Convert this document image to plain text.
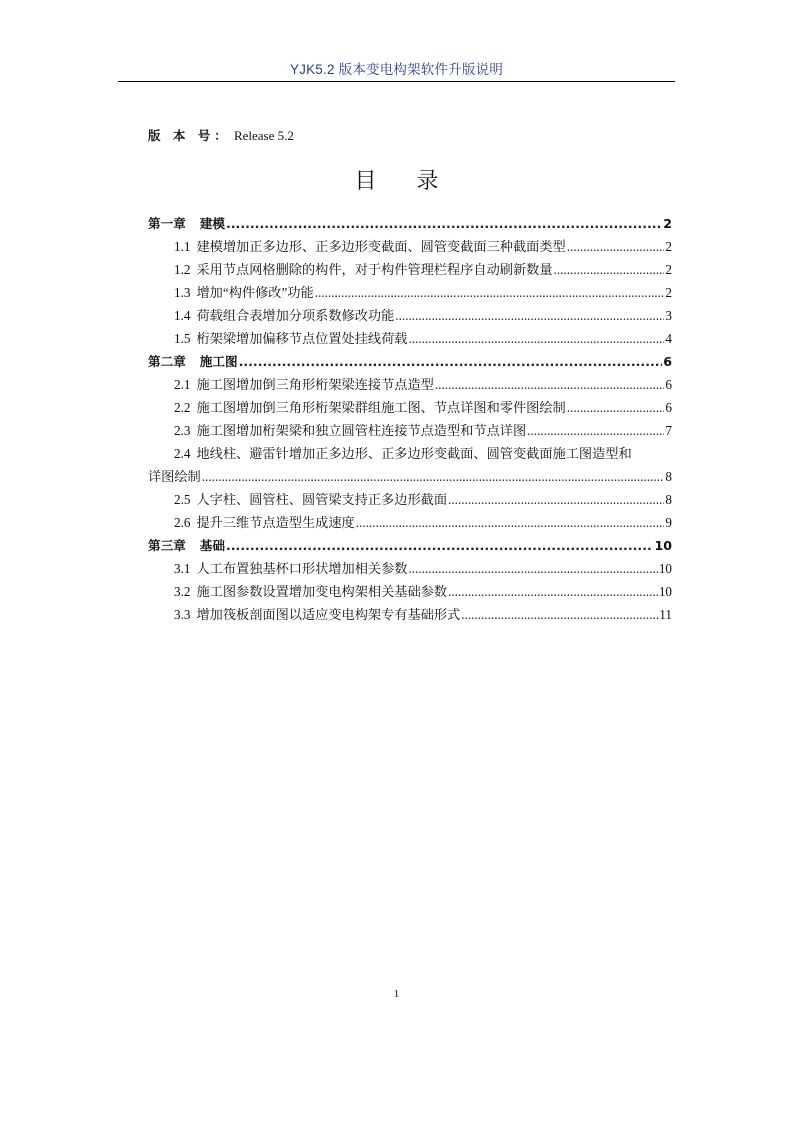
YJK5.2 版本变电构架软件升版说明
版 本 号： Release 5.2
目录
第一章 建模 .....	2
1.1 建模增加正多边形、正多边形变截面、圆管变截面三种截面类型 .....	2
1.2 采用节点网格删除的构件，对于构件管理栏程序自动刷新数量 .....	2
1.3 增加“构件修改”功能 .....	2
1.4 荷载组合表增加分项系数修改功能 .....	3
1.5 桁架梁增加偏移节点位置处挂线荷载 .....	4
第二章 施工图 .....	6
2.1 施工图增加倒三角形桁架梁连接节点造型 .....	6
2.2 施工图增加倒三角形桁架梁群组施工图、节点详图和零件图绘制 .....	6
2.3 施工图增加桁架梁和独立圆管柱连接节点造型和节点详图 .....	7
2.4 地线柱、避雷针增加正多边形、正多边形变截面、圆管变截面施工图造型和
详图绘制 .....	8
2.5 人字柱、圆管柱、圆管梁支持正多边形截面 .....	8
2.6 提升三维节点造型生成速度 .....	9
第三章 基础 .....	10
3.1 人工布置独基杯口形状增加相关参数 .....	10
3.2 施工图参数设置增加变电构架相关基础参数 .....	10
3.3 增加筏板剖面图以适应变电构架专有基础形式 .....	11
1
